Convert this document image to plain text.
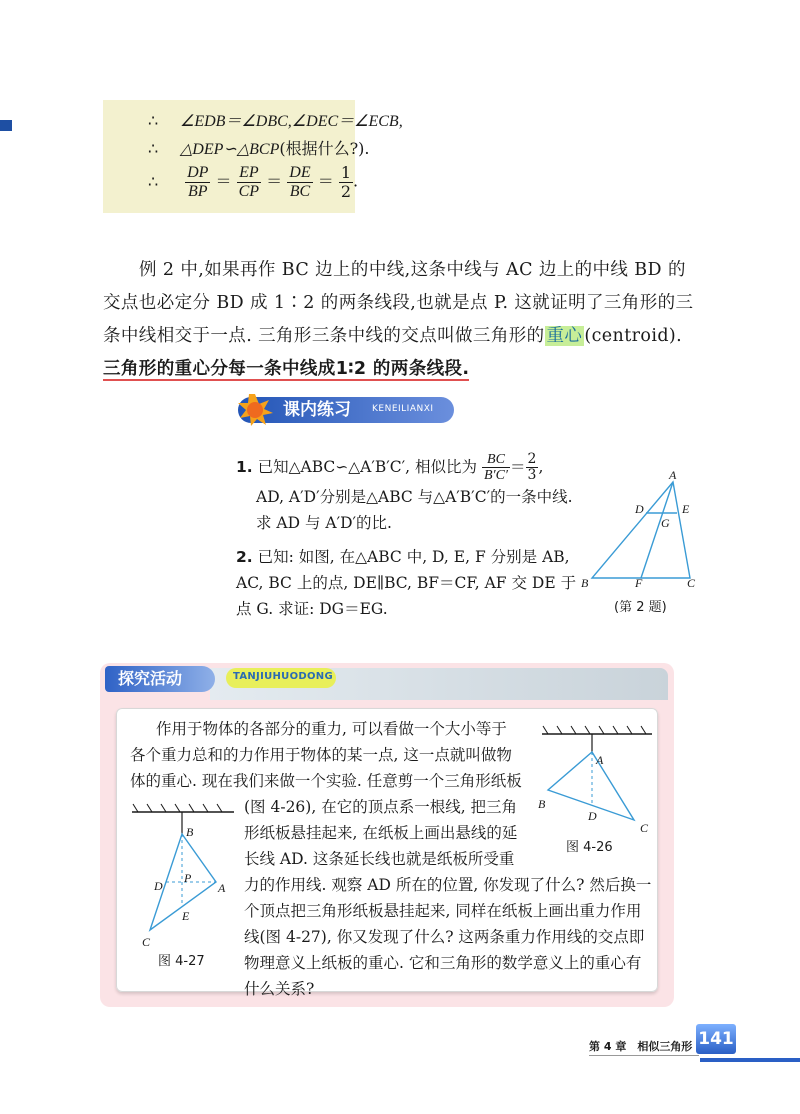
∴ ∠EDB＝∠DBC,∠DEC＝∠ECB,
∴ △DEP∽△BCP(根据什么?).
∴ $\frac{DP}{BP} = \frac{EP}{CP} = \frac{DE}{BC} = \frac{1}{2}$ .
例 2 中,如果再作 BC 边上的中线,这条中线与 AC 边上的中线 BD 的交点也必定分 BD 成 1∶2 的两条线段,也就是点 P. 这就证明了三角形的三条中线相交于一点. 三角形三条中线的交点叫做三角形的 重心 (centroid). 三角形的重心分每一条中线成1∶2 的两条线段.
课内练习 KENEILIANXI
1. 已知△ABC∽△A′B′C′, 相似比为 $\frac{BC}{B'C'} = \frac{2}{3}$ ,
AD, A′D′分别是△ABC 与△A′B′C′的一条中线. 求 AD 与 A′D′的比.
2. 已知: 如图, 在△ABC 中, D, E, F 分别是 AB, AC, BC 上的点, DE∥BC, BF＝CF, AF 交 DE 于点 G. 求证: DG＝EG.
A
B	C
D	E
F
G
(第 2 题)
探究活动	TANJIUHUODONG
作用于物体的各部分的重力, 可以看做一个大小等于
各个重力总和的力作用于物体的某一点, 这一点就叫做物
体的重心. 现在我们来做一个实验. 任意剪一个三角形纸板
(图 4-26), 在它的顶点系一根线, 把三角
形纸板悬挂起来, 在纸板上画出悬线的延
长线 AD. 这条延长线也就是纸板所受重
力的作用线. 观察 AD 所在的位置, 你发现了什么? 然后换一
个顶点把三角形纸板悬挂起来, 同样在纸板上画出重力作用
线(图 4-27), 你又发现了什么? 这两条重力作用线的交点即
物理意义上纸板的重心. 它和三角形的数学意义上的重心有
什么关系?
A
B
C
D
图 4-26
B
A
D
P
E
C
图 4-27
第 4 章　相似三角形 141
